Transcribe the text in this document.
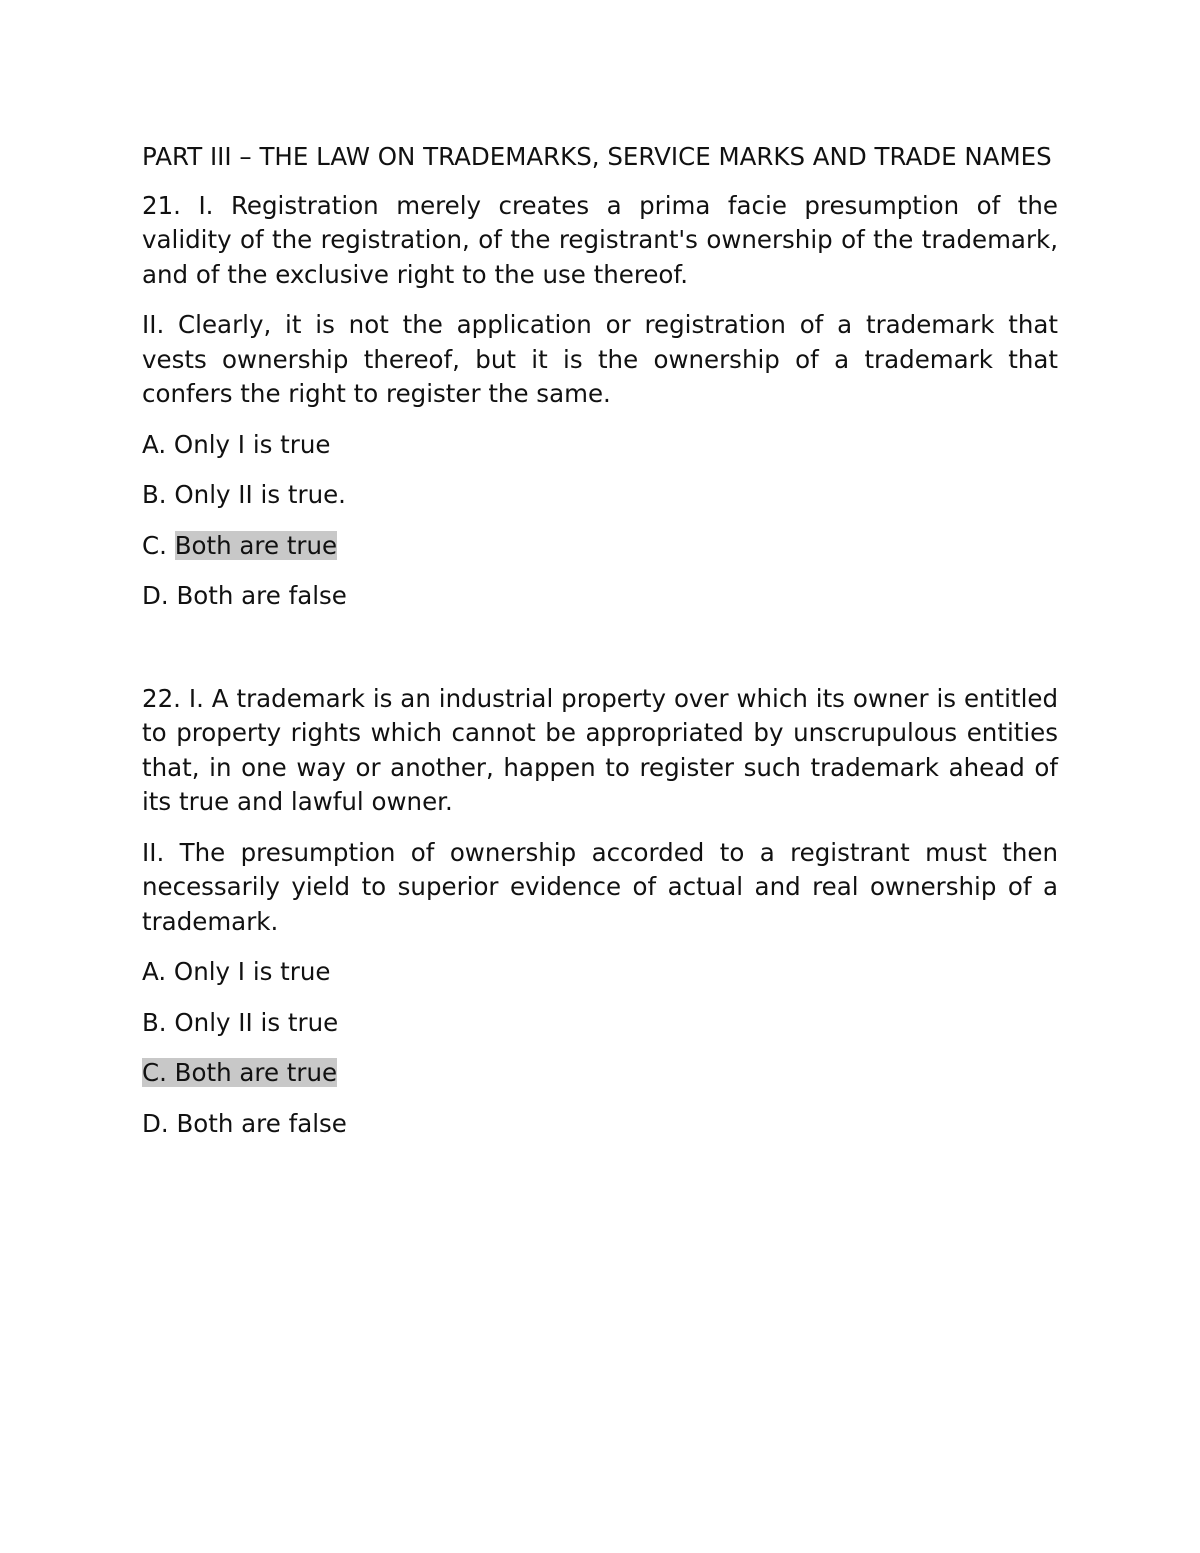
PART III – THE LAW ON TRADEMARKS, SERVICE MARKS AND TRADE NAMES

21. I. Registration merely creates a prima facie presumption of the validity of the registration, of the registrant's ownership of the trademark, and of the exclusive right to the use thereof.

II. Clearly, it is not the application or registration of a trademark that vests ownership thereof, but it is the ownership of a trademark that confers the right to register the same.

A. Only I is true

B. Only II is true.

C. Both are true

D. Both are false

22. I. A trademark is an industrial property over which its owner is entitled to property rights which cannot be appropriated by unscrupulous entities that, in one way or another, happen to register such trademark ahead of its true and lawful owner.

II. The presumption of ownership accorded to a registrant must then necessarily yield to superior evidence of actual and real ownership of a trademark.

A. Only I is true

B. Only II is true

C. Both are true

D. Both are false
